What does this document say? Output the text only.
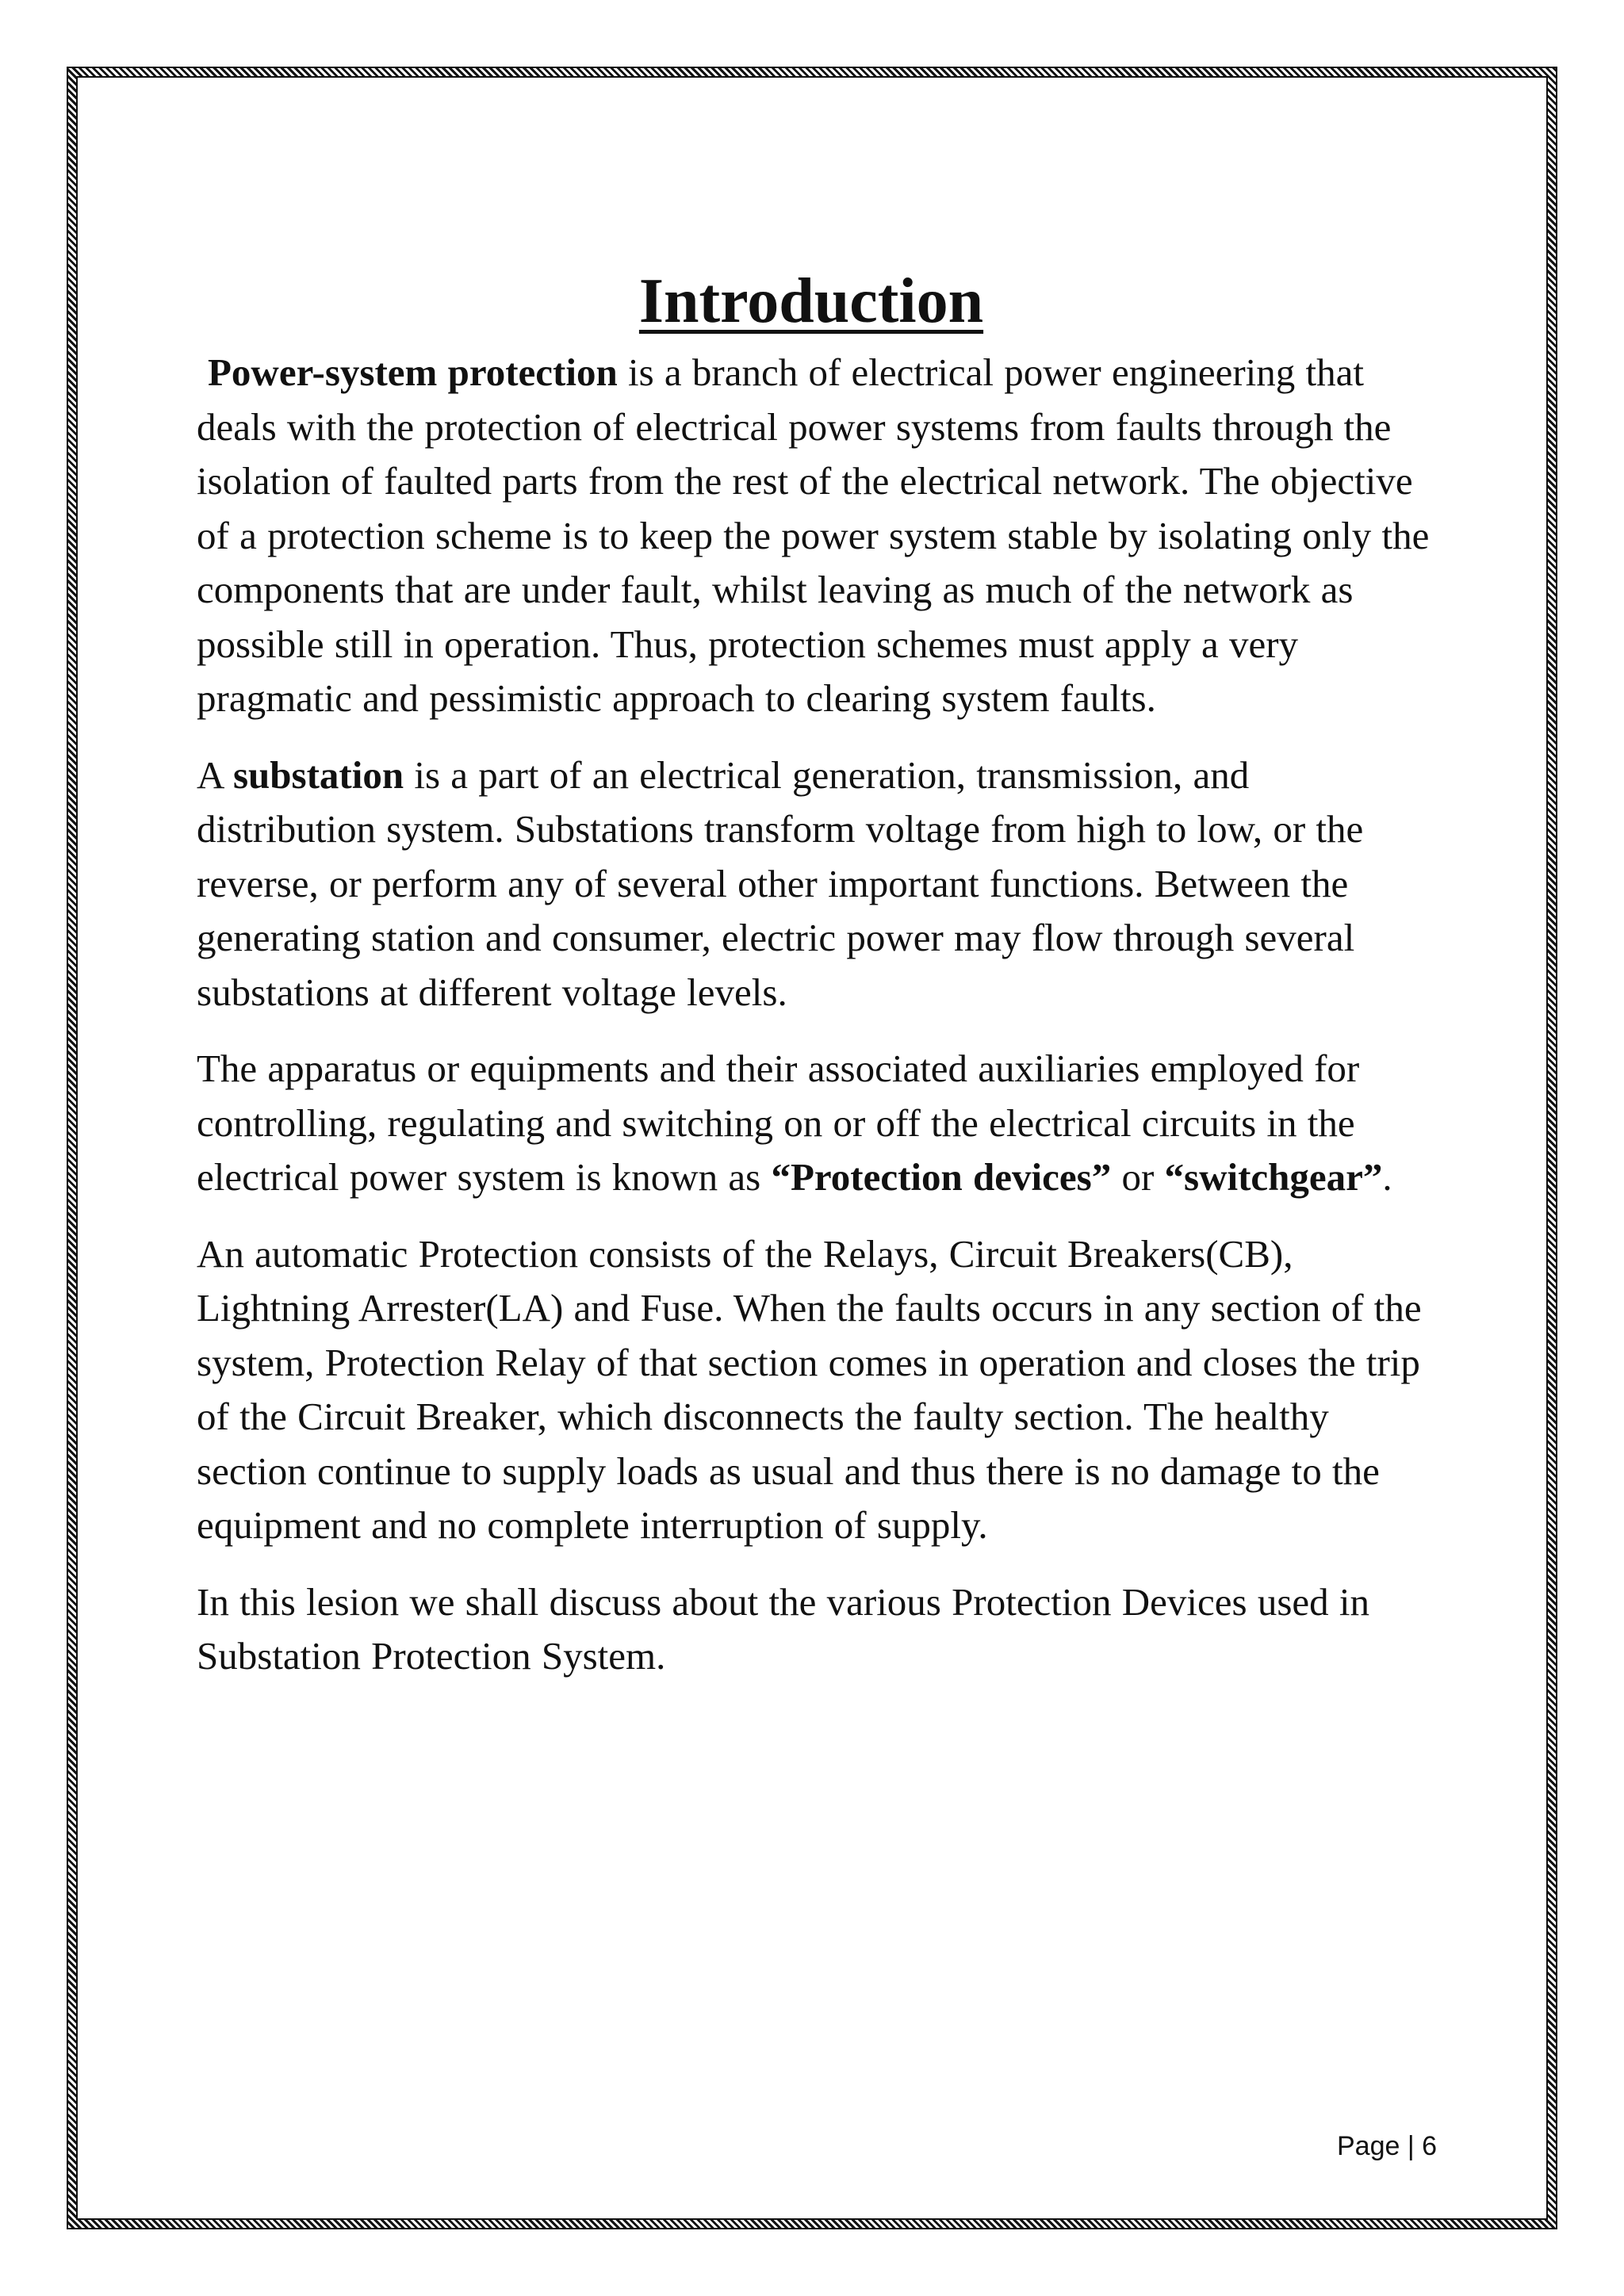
Introduction

Power-system protection is a branch of electrical power engineering that deals with the protection of electrical power systems from faults through the isolation of faulted parts from the rest of the electrical network. The objective of a protection scheme is to keep the power system stable by isolating only the components that are under fault, whilst leaving as much of the network as possible still in operation. Thus, protection schemes must apply a very pragmatic and pessimistic approach to clearing system faults.

A substation is a part of an electrical generation, transmission, and distribution system. Substations transform voltage from high to low, or the reverse, or perform any of several other important functions. Between the generating station and consumer, electric power may flow through several substations at different voltage levels.

The apparatus or equipments and their associated auxiliaries employed for controlling, regulating and switching on or off the electrical circuits in the electrical power system is known as “Protection devices” or “switchgear”.

An automatic Protection consists of the Relays, Circuit Breakers(CB), Lightning Arrester(LA) and Fuse. When the faults occurs in any section of the system, Protection Relay of that section comes in operation and closes the trip of the Circuit Breaker, which disconnects the faulty section. The healthy section continue to supply loads as usual and thus there is no damage to the equipment and no complete interruption of supply.

In this lesion we shall discuss about the various Protection Devices used in Substation Protection System.

Page | 6
